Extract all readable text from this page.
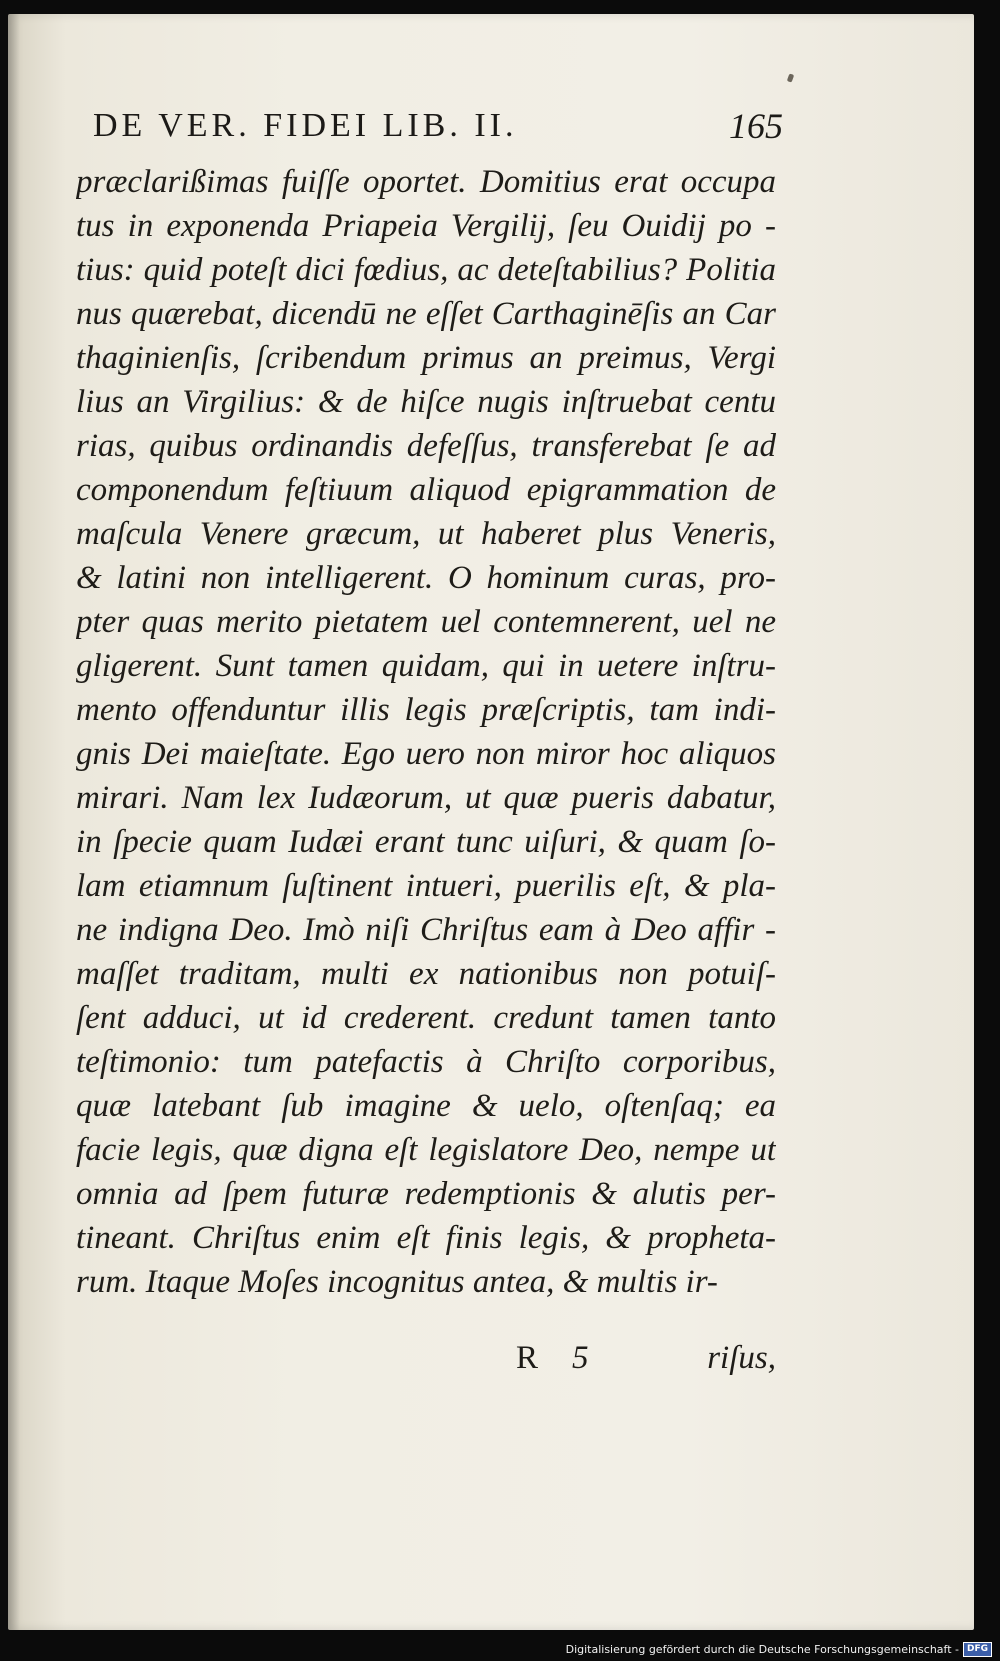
DE VER. FIDEI LIB. II.	165
præclarißimas fuiſſe oportet. Domitius erat occupa
tus in exponenda Priapeia Vergilij, ſeu Ouidij po -
tius: quid poteſt dici fœdius, ac deteſtabilius? Politia
nus quærebat, dicendū ne eſſet Carthaginēſis an Car
thaginienſis, ſcribendum primus an preimus, Vergi
lius an Virgilius: & de hiſce nugis inſtruebat centu
rias, quibus ordinandis defeſſus, transferebat ſe ad
componendum feſtiuum aliquod epigrammation de
maſcula Venere græcum, ut haberet plus Veneris,
& latini non intelligerent. O hominum curas, pro-
pter quas merito pietatem uel contemnerent, uel ne
gligerent. Sunt tamen quidam, qui in uetere inſtru-
mento offenduntur illis legis præſcriptis, tam indi-
gnis Dei maieſtate. Ego uero non miror hoc aliquos
mirari. Nam lex Iudæorum, ut quæ pueris dabatur,
in ſpecie quam Iudæi erant tunc uiſuri, & quam ſo-
lam etiamnum ſuſtinent intueri, puerilis eſt, & pla-
ne indigna Deo. Imò niſi Chriſtus eam à Deo affir -
maſſet traditam, multi ex nationibus non potuiſ-
ſent adduci, ut id crederent. credunt tamen tanto
teſtimonio: tum patefactis à Chriſto corporibus,
quæ latebant ſub imagine & uelo, oſtenſaq; ea
facie legis, quæ digna eſt legislatore Deo, nempe ut
omnia ad ſpem futuræ redemptionis & alutis per-
tineant. Chriſtus enim eſt finis legis, & propheta-
rum. Itaque Moſes incognitus antea, & multis ir-
R 5	riſus,
Digitalisierung gefördert durch die Deutsche Forschungsgemeinschaft - DFG
